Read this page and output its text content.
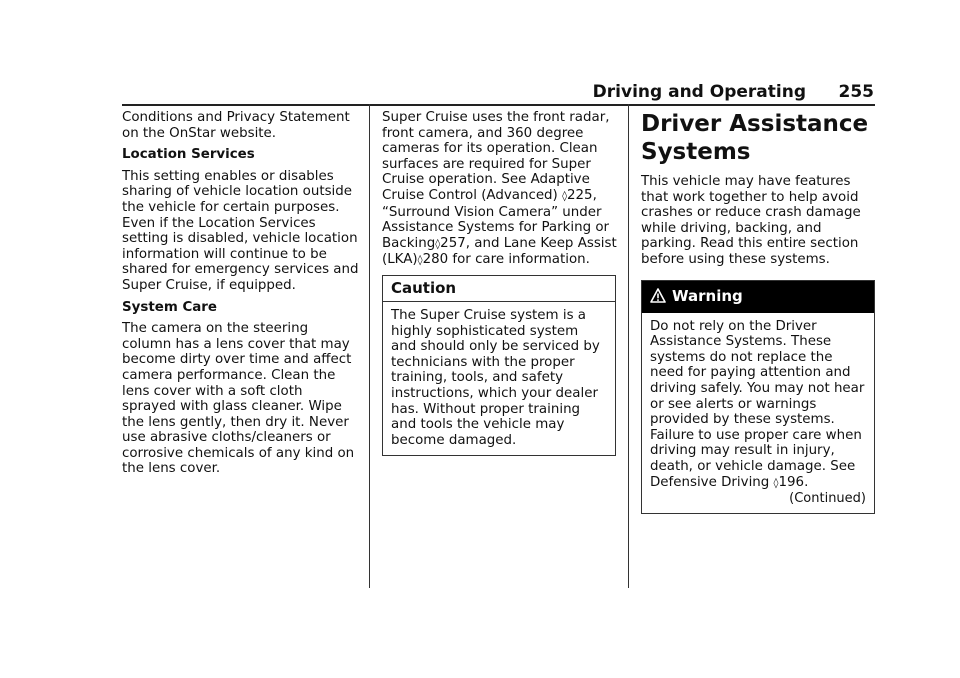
Driving and Operating	255

Conditions and Privacy Statement on the OnStar website.

Location Services

This setting enables or disables sharing of vehicle location outside the vehicle for certain purposes. Even if the Location Services setting is disabled, vehicle location information will continue to be shared for emergency services and Super Cruise, if equipped.

System Care

The camera on the steering column has a lens cover that may become dirty over time and affect camera performance. Clean the lens cover with a soft cloth sprayed with glass cleaner. Wipe the lens gently, then dry it. Never use abrasive cloths/cleaners or corrosive chemicals of any kind on the lens cover.

Super Cruise uses the front radar, front camera, and 360 degree cameras for its operation. Clean surfaces are required for Super Cruise operation. See Adaptive Cruise Control (Advanced) ◊225, “Surround Vision Camera” under Assistance Systems for Parking or Backing◊257, and Lane Keep Assist (LKA)◊280 for care information.

Caution
The Super Cruise system is a highly sophisticated system and should only be serviced by technicians with the proper training, tools, and safety instructions, which your dealer has. Without proper training and tools the vehicle may become damaged.
Driver Assistance Systems

This vehicle may have features that work together to help avoid crashes or reduce crash damage while driving, backing, and parking. Read this entire section before using these systems.

Warning

Do not rely on the Driver Assistance Systems. These systems do not replace the need for paying attention and driving safely. You may not hear or see alerts or warnings provided by these systems. Failure to use proper care when driving may result in injury, death, or vehicle damage. See Defensive Driving ◊196.

(Continued)
